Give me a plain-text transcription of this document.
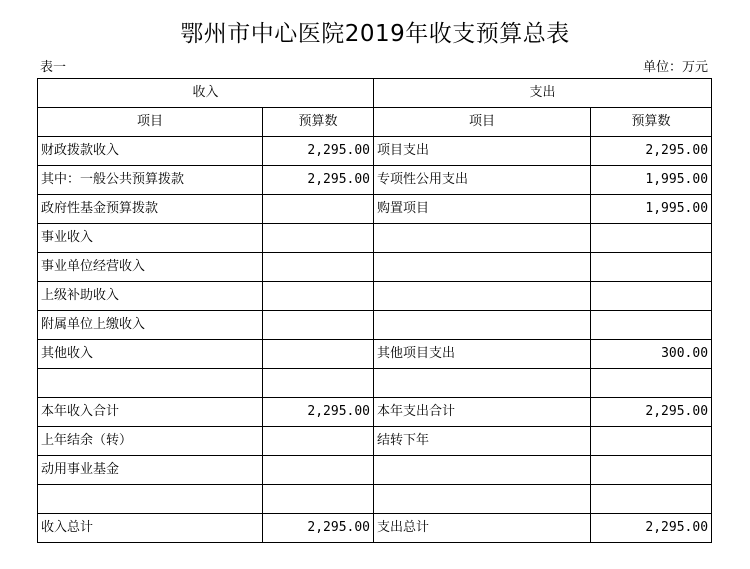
鄂州市中心医院2019年收支预算总表
表一	单位：万元
收入		支出	
项目	预算数	项目	预算数
财政拨款收入	2,295.00	项目支出	2,295.00
其中：一般公共预算拨款	2,295.00	专项性公用支出	1,995.00
政府性基金预算拨款		购置项目	1,995.00
事业收入			
事业单位经营收入			
上级补助收入			
附属单位上缴收入			
其他收入		其他项目支出	300.00

本年收入合计	2,295.00	本年支出合计	2,295.00
上年结余（转）		结转下年	
动用事业基金			

收入总计	2,295.00	支出总计	2,295.00
